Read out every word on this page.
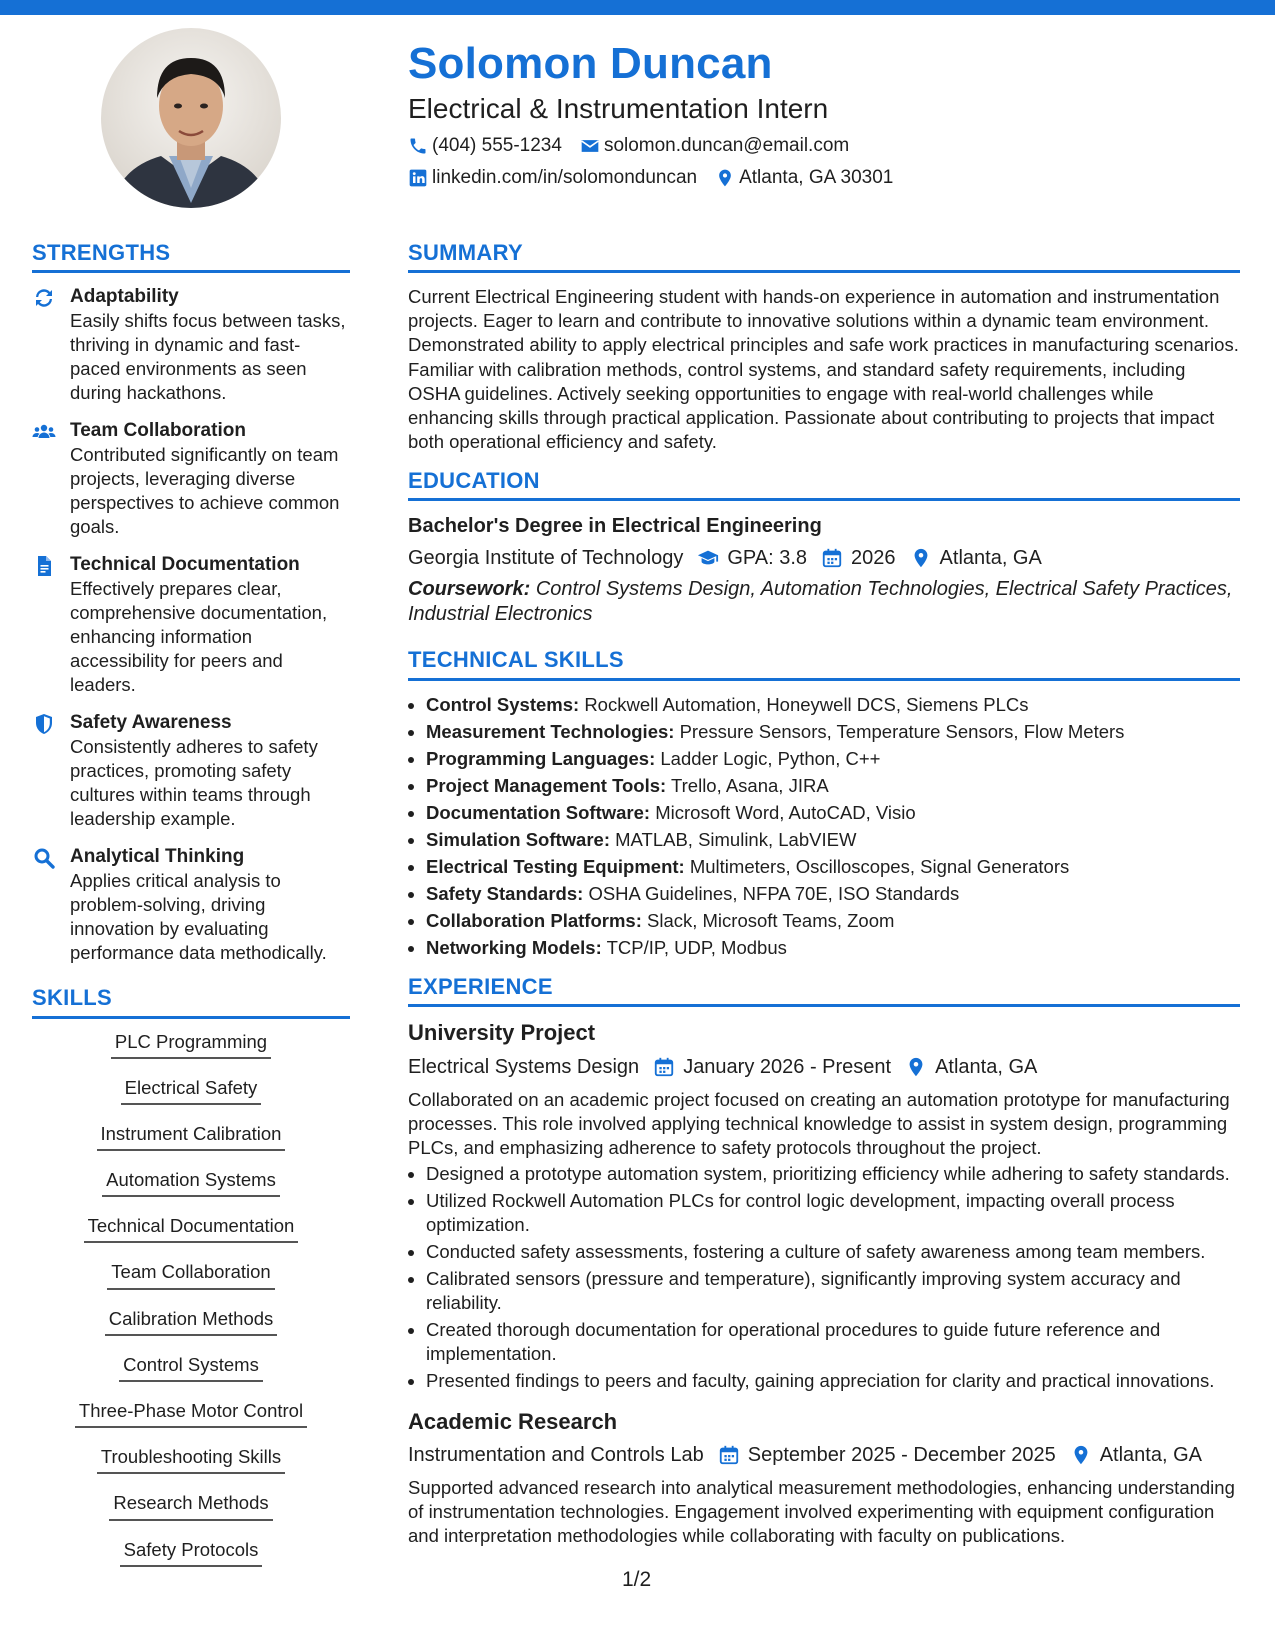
Solomon Duncan
Electrical & Instrumentation Intern
(404) 555-1234 solomon.duncan@email.com
linkedin.com/in/solomonduncan Atlanta, GA 30301
STRENGTHS
Adaptability
Easily shifts focus between tasks, thriving in dynamic and fast-paced environments as seen during hackathons.
Team Collaboration
Contributed significantly on team projects, leveraging diverse perspectives to achieve common goals.
Technical Documentation
Effectively prepares clear, comprehensive documentation, enhancing information accessibility for peers and leaders.
Safety Awareness
Consistently adheres to safety practices, promoting safety cultures within teams through leadership example.
Analytical Thinking
Applies critical analysis to problem-solving, driving innovation by evaluating performance data methodically.
SKILLS
PLC Programming
Electrical Safety
Instrument Calibration
Automation Systems
Technical Documentation
Team Collaboration
Calibration Methods
Control Systems
Three-Phase Motor Control
Troubleshooting Skills
Research Methods
Safety Protocols
SUMMARY

Current Electrical Engineering student with hands-on experience in automation and instrumentation projects. Eager to learn and contribute to innovative solutions within a dynamic team environment. Demonstrated ability to apply electrical principles and safe work practices in manufacturing scenarios. Familiar with calibration methods, control systems, and standard safety requirements, including OSHA guidelines. Actively seeking opportunities to engage with real-world challenges while enhancing skills through practical application. Passionate about contributing to projects that impact both operational efficiency and safety.

EDUCATION
Bachelor's Degree in Electrical Engineering
Georgia Institute of Technology GPA: 3.8 2026 Atlanta, GA
Coursework: Control Systems Design, Automation Technologies, Electrical Safety Practices, Industrial Electronics
TECHNICAL SKILLS
• Control Systems: Rockwell Automation, Honeywell DCS, Siemens PLCs
• Measurement Technologies: Pressure Sensors, Temperature Sensors, Flow Meters
• Programming Languages: Ladder Logic, Python, C++
• Project Management Tools: Trello, Asana, JIRA
• Documentation Software: Microsoft Word, AutoCAD, Visio
• Simulation Software: MATLAB, Simulink, LabVIEW
• Electrical Testing Equipment: Multimeters, Oscilloscopes, Signal Generators
• Safety Standards: OSHA Guidelines, NFPA 70E, ISO Standards
• Collaboration Platforms: Slack, Microsoft Teams, Zoom
• Networking Models: TCP/IP, UDP, Modbus
EXPERIENCE
University Project
Electrical Systems Design January 2026 - Present Atlanta, GA

Collaborated on an academic project focused on creating an automation prototype for manufacturing processes. This role involved applying technical knowledge to assist in system design, programming PLCs, and emphasizing adherence to safety protocols throughout the project.

• Designed a prototype automation system, prioritizing efficiency while adhering to safety standards.
• Utilized Rockwell Automation PLCs for control logic development, impacting overall process optimization.
• Conducted safety assessments, fostering a culture of safety awareness among team members.
• Calibrated sensors (pressure and temperature), significantly improving system accuracy and reliability.
• Created thorough documentation for operational procedures to guide future reference and implementation.
• Presented findings to peers and faculty, gaining appreciation for clarity and practical innovations.
Academic Research
Instrumentation and Controls Lab September 2025 - December 2025 Atlanta, GA

Supported advanced research into analytical measurement methodologies, enhancing understanding of instrumentation technologies. Engagement involved experimenting with equipment configuration and interpretation methodologies while collaborating with faculty on publications.

1/2
